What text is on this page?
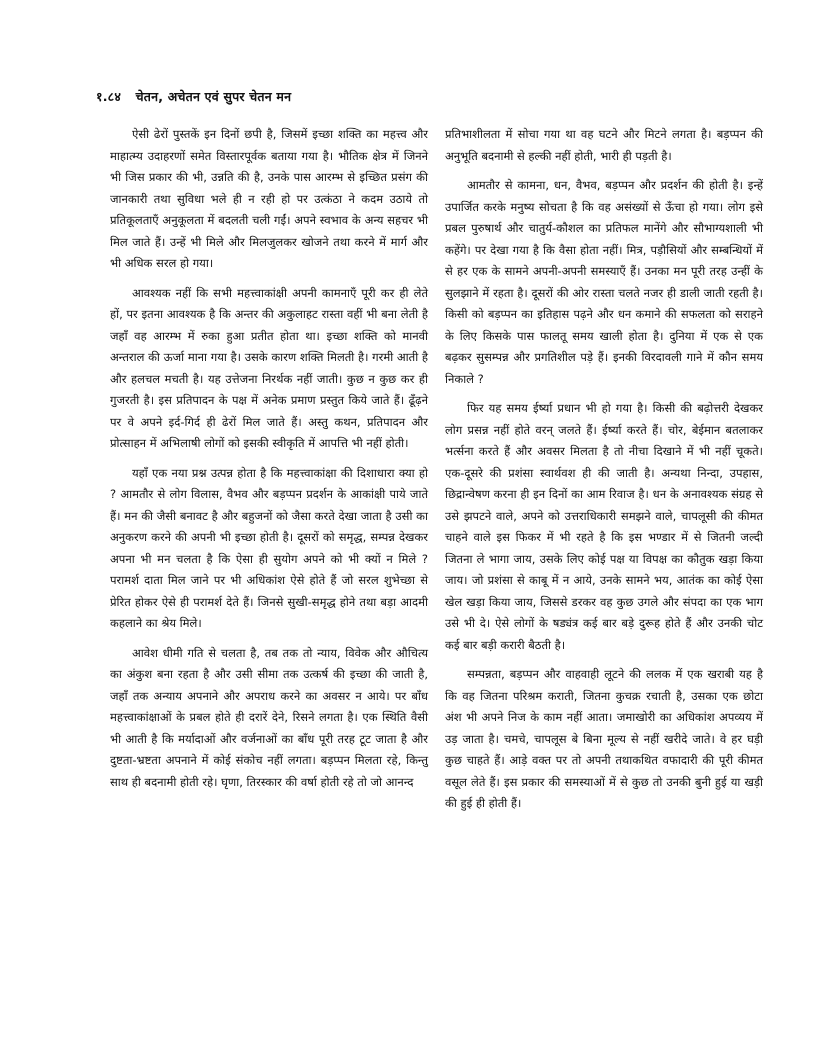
१.८४ चेतन, अचेतन एवं सुपर चेतन मन

ऐसी ढेरों पुस्तकें इन दिनों छपी है, जिसमें इच्छा शक्ति का महत्त्व और माहात्म्य उदाहरणों समेत विस्तारपूर्वक बताया गया है। भौतिक क्षेत्र में जिनने भी जिस प्रकार की भी, उन्नति की है, उनके पास आरम्भ से इच्छित प्रसंग की जानकारी तथा सुविधा भले ही न रही हो पर उत्कंठा ने कदम उठाये तो प्रतिकूलताएँ अनुकूलता में बदलती चली गईं। अपने स्वभाव के अन्य सहचर भी मिल जाते हैं। उन्हें भी मिले और मिलजुलकर खोजने तथा करने में मार्ग और भी अधिक सरल हो गया।

आवश्यक नहीं कि सभी महत्त्वाकांक्षी अपनी कामनाएँ पूरी कर ही लेते हों, पर इतना आवश्यक है कि अन्तर की अकुलाहट रास्ता वहीं भी बना लेती है जहाँ वह आरम्भ में रुका हुआ प्रतीत होता था। इच्छा शक्ति को मानवी अन्तराल की ऊर्जा माना गया है। उसके कारण शक्ति मिलती है। गरमी आती है और हलचल मचती है। यह उत्तेजना निरर्थक नहीं जाती। कुछ न कुछ कर ही गुजरती है। इस प्रतिपादन के पक्ष में अनेक प्रमाण प्रस्तुत किये जाते हैं। ढूँढ़ने पर वे अपने इर्द-गिर्द ही ढेरों मिल जाते हैं। अस्तु कथन, प्रतिपादन और प्रोत्साहन में अभिलाषी लोगों को इसकी स्वीकृति में आपत्ति भी नहीं होती।

यहाँ एक नया प्रश्न उत्पन्न होता है कि महत्त्वाकांक्षा की दिशाधारा क्या हो ? आमतौर से लोग विलास, वैभव और बड़प्पन प्रदर्शन के आकांक्षी पाये जाते हैं। मन की जैसी बनावट है और बहुजनों को जैसा करते देखा जाता है उसी का अनुकरण करने की अपनी भी इच्छा होती है। दूसरों को समृद्ध, सम्पन्न देखकर अपना भी मन चलता है कि ऐसा ही सुयोग अपने को भी क्यों न मिले ? परामर्श दाता मिल जाने पर भी अधिकांश ऐसे होते हैं जो सरल शुभेच्छा से प्रेरित होकर ऐसे ही परामर्श देते हैं। जिनसे सुखी-समृद्ध होने तथा बड़ा आदमी कहलाने का श्रेय मिले।

आवेश धीमी गति से चलता है, तब तक तो न्याय, विवेक और औचित्य का अंकुश बना रहता है और उसी सीमा तक उत्कर्ष की इच्छा की जाती है, जहाँ तक अन्याय अपनाने और अपराध करने का अवसर न आये। पर बाँध महत्त्वाकांक्षाओं के प्रबल होते ही दरारें देने, रिसने लगता है। एक स्थिति वैसी भी आती है कि मर्यादाओं और वर्जनाओं का बाँध पूरी तरह टूट जाता है और दुष्टता-भ्रष्टता अपनाने में कोई संकोच नहीं लगता। बड़प्पन मिलता रहे, किन्तु साथ ही बदनामी होती रहे। घृणा, तिरस्कार की वर्षा होती रहे तो जो आनन्द

प्रतिभाशीलता में सोचा गया था वह घटने और मिटने लगता है। बड़प्पन की अनुभूति बदनामी से हल्की नहीं होती, भारी ही पड़ती है।

आमतौर से कामना, धन, वैभव, बड़प्पन और प्रदर्शन की होती है। इन्हें उपार्जित करके मनुष्य सोचता है कि वह असंख्यों से ऊँचा हो गया। लोग इसे प्रबल पुरुषार्थ और चातुर्य-कौशल का प्रतिफल मानेंगे और सौभाग्यशाली भी कहेंगे। पर देखा गया है कि वैसा होता नहीं। मित्र, पड़ौसियों और सम्बन्धियों में से हर एक के सामने अपनी-अपनी समस्याएँ हैं। उनका मन पूरी तरह उन्हीं के सुलझाने में रहता है। दूसरों की ओर रास्ता चलते नजर ही डाली जाती रहती है। किसी को बड़प्पन का इतिहास पढ़ने और धन कमाने की सफलता को सराहने के लिए किसके पास फालतू समय खाली होता है। दुनिया में एक से एक बढ़कर सुसम्पन्न और प्रगतिशील पड़े हैं। इनकी विरदावली गाने में कौन समय निकाले ?

फिर यह समय ईर्ष्या प्रधान भी हो गया है। किसी की बढ़ोत्तरी देखकर लोग प्रसन्न नहीं होते वरन् जलते हैं। ईर्ष्या करते हैं। चोर, बेईमान बतलाकर भर्त्सना करते हैं और अवसर मिलता है तो नीचा दिखाने में भी नहीं चूकते। एक-दूसरे की प्रशंसा स्वार्थवश ही की जाती है। अन्यथा निन्दा, उपहास, छिद्रान्वेषण करना ही इन दिनों का आम रिवाज है। धन के अनावश्यक संग्रह से उसे झपटने वाले, अपने को उत्तराधिकारी समझने वाले, चापलूसी की कीमत चाहने वाले इस फिकर में भी रहते है कि इस भण्डार में से जितनी जल्दी जितना ले भागा जाय, उसके लिए कोई पक्ष या विपक्ष का कौतुक खड़ा किया जाय। जो प्रशंसा से काबू में न आये, उनके सामने भय, आतंक का कोई ऐसा खेल खड़ा किया जाय, जिससे डरकर वह कुछ उगले और संपदा का एक भाग उसे भी दे। ऐसे लोगों के षड्यंत्र कई बार बड़े दुरूह होते हैं और उनकी चोट कई बार बड़ी करारी बैठती है।

सम्पन्नता, बड़प्पन और वाहवाही लूटने की ललक में एक खराबी यह है कि वह जितना परिश्रम कराती, जितना कुचक्र रचाती है, उसका एक छोटा अंश भी अपने निज के काम नहीं आता। जमाखोरी का अधिकांश अपव्यय में उड़ जाता है। चमचे, चापलूस बे बिना मूल्य से नहीं खरीदे जाते। वे हर घड़ी कुछ चाहते हैं। आड़े वक्त पर तो अपनी तथाकथित वफादारी की पूरी कीमत वसूल लेते हैं। इस प्रकार की समस्याओं में से कुछ तो उनकी बुनी हुई या खड़ी की हुई ही होती हैं।
